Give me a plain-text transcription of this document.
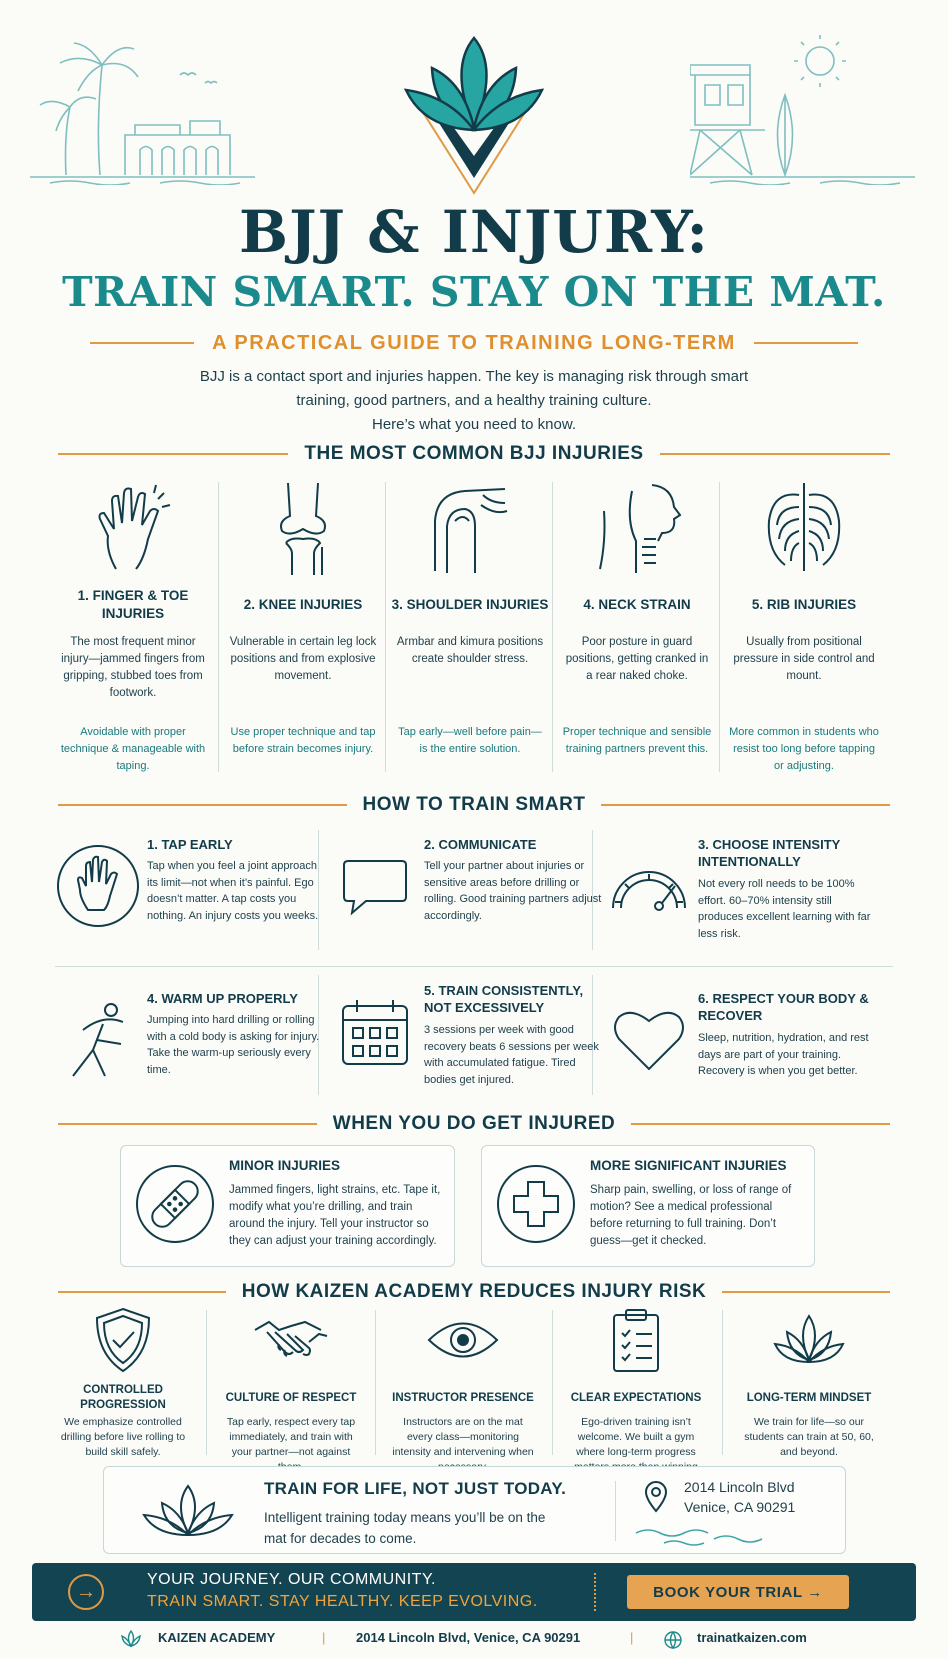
BJJ & INJURY:
TRAIN SMART. STAY ON THE MAT.
A PRACTICAL GUIDE TO TRAINING LONG-TERM
BJJ is a contact sport and injuries happen. The key is managing risk through smart
training, good partners, and a healthy training culture.
Here’s what you need to know.
THE MOST COMMON BJJ INJURIES
1. FINGER & TOE INJURIES
The most frequent minor injury—jammed fingers from gripping, stubbed toes from footwork.
Avoidable with proper technique & manageable with taping.
2. KNEE INJURIES
Vulnerable in certain leg lock positions and from explosive movement.
Use proper technique and tap before strain becomes injury.
3. SHOULDER INJURIES
Armbar and kimura positions create shoulder stress.
Tap early—well before pain—is the entire solution.
4. NECK STRAIN
Poor posture in guard positions, getting cranked in a rear naked choke.
Proper technique and sensible training partners prevent this.
5. RIB INJURIES
Usually from positional pressure in side control and mount.
More common in students who resist too long before tapping or adjusting.
HOW TO TRAIN SMART
1. TAP EARLY
Tap when you feel a joint approach its limit—not when it’s painful. Ego doesn’t matter. A tap costs you nothing. An injury costs you weeks.
2. COMMUNICATE
Tell your partner about injuries or sensitive areas before drilling or rolling. Good training partners adjust accordingly.
3. CHOOSE INTENSITY INTENTIONALLY
Not every roll needs to be 100% effort. 60–70% intensity still produces excellent learning with far less risk.
4. WARM UP PROPERLY
Jumping into hard drilling or rolling with a cold body is asking for injury. Take the warm-up seriously every time.
5. TRAIN CONSISTENTLY, NOT EXCESSIVELY
3 sessions per week with good recovery beats 6 sessions per week with accumulated fatigue. Tired bodies get injured.
6. RESPECT YOUR BODY & RECOVER
Sleep, nutrition, hydration, and rest days are part of your training. Recovery is when you get better.
WHEN YOU DO GET INJURED
MINOR INJURIES
Jammed fingers, light strains, etc. Tape it, modify what you’re drilling, and train around the injury. Tell your instructor so they can adjust your training accordingly.
MORE SIGNIFICANT INJURIES
Sharp pain, swelling, or loss of range of motion? See a medical professional before returning to full training. Don’t guess—get it checked.
HOW KAIZEN ACADEMY REDUCES INJURY RISK
CONTROLLED PROGRESSION
We emphasize controlled drilling before live rolling to build skill safely.
CULTURE OF RESPECT
Tap early, respect every tap immediately, and train with your partner—not against
INSTRUCTOR PRESENCE
Instructors are on the mat every class—monitoring intensity and intervening when
CLEAR EXPECTATIONS
Ego-driven training isn’t welcome. We built a gym where long-term progress
LONG-TERM MINDSET
We train for life—so our students can train at 50, 60, and beyond.
TRAIN FOR LIFE, NOT JUST TODAY.
Intelligent training today means you’ll be on the mat for decades to come.
2014 Lincoln Blvd
Venice, CA 90291
→
YOUR JOURNEY. OUR COMMUNITY.
TRAIN SMART. STAY HEALTHY. KEEP EVOLVING.
BOOK YOUR TRIAL →
KAIZEN ACADEMY	| 2014 Lincoln Blvd, Venice, CA 90291	|	trainatkaizen.com
